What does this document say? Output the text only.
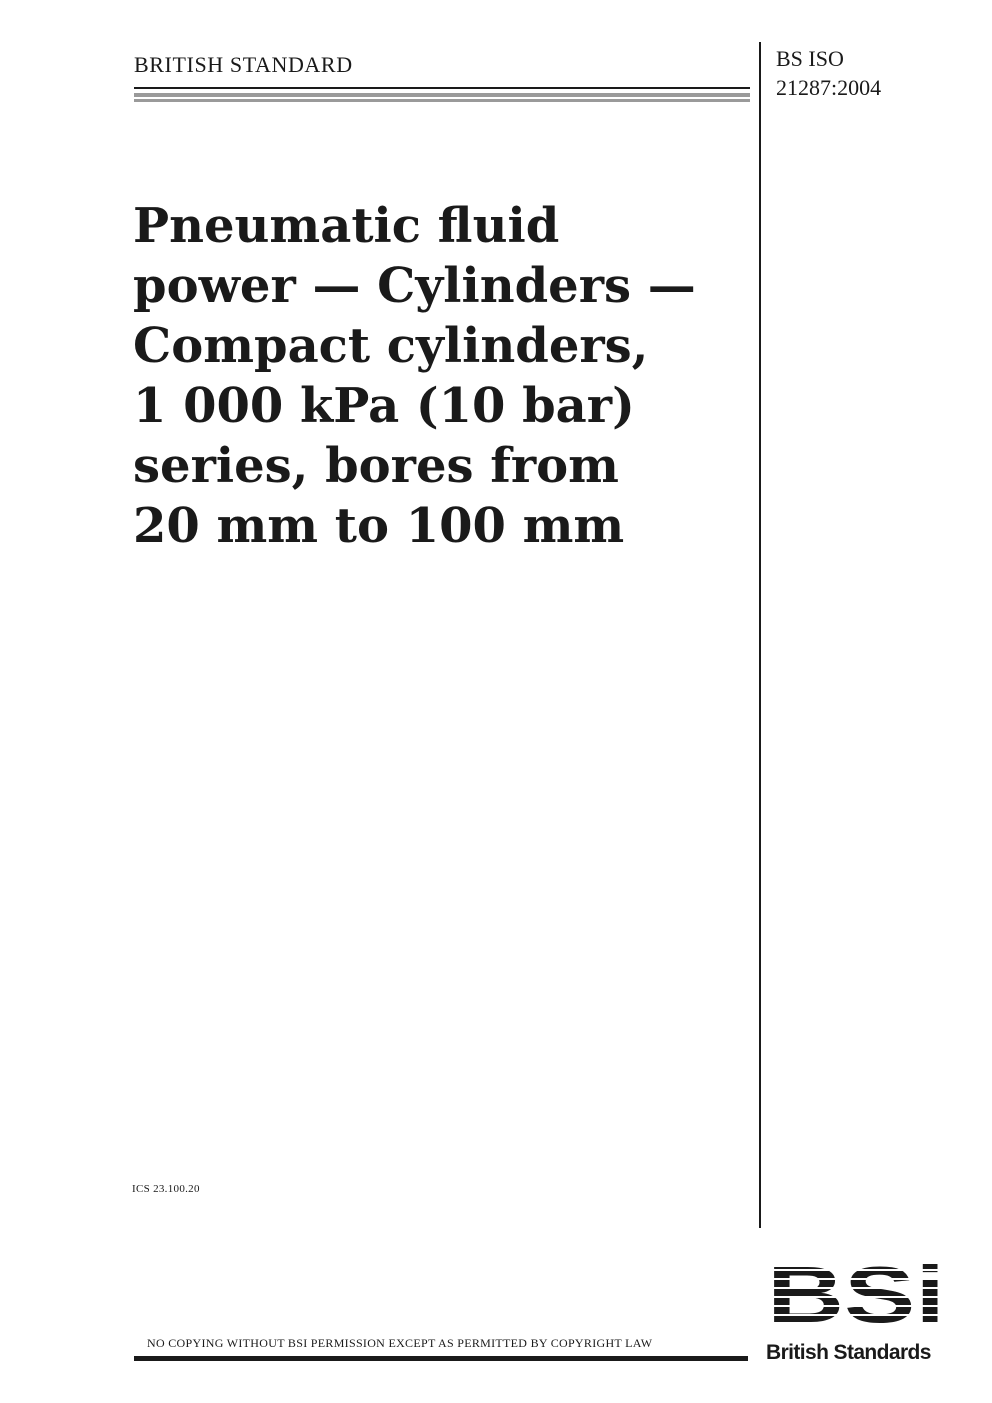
BRITISH STANDARD	BS ISO
21287:2004
Pneumatic fluid
power — Cylinders —
Compact cylinders,
1 000 kPa (10 bar)
series, bores from
20 mm to 100 mm
ICS 23.100.20
NO COPYING WITHOUT BSI PERMISSION EXCEPT AS PERMITTED BY COPYRIGHT LAW	British Standards
